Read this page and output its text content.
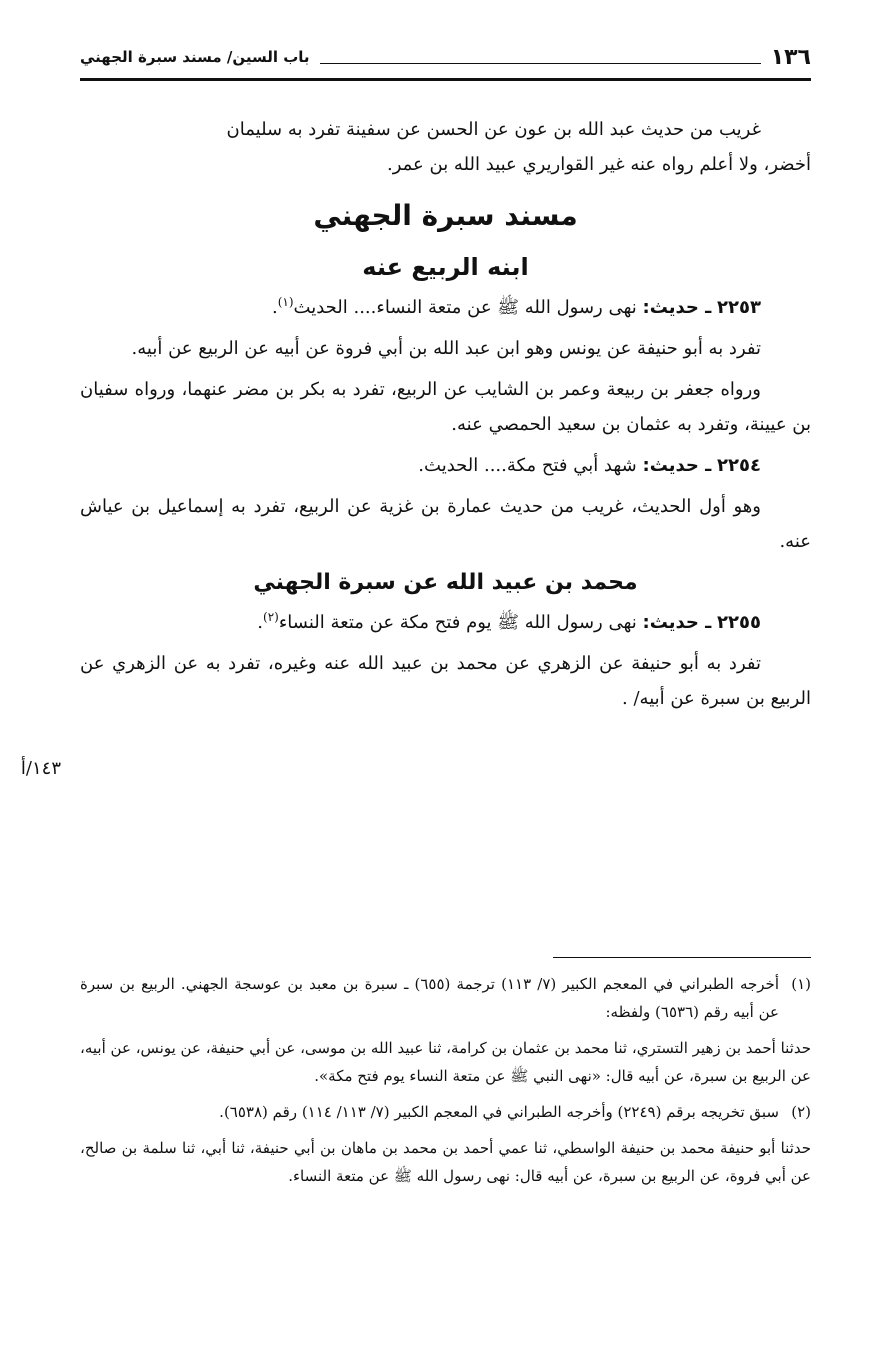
١٣٦
باب السين/ مسند سبرة الجهني

غريب من حديث عبد الله بن عون عن الحسن عن سفينة تفرد به سليمان

أخضر، ولا أعلم رواه عنه غير القواريري عبيد الله بن عمر.

مسند سبرة الجهني
ابنه الربيع عنه

٢٢٥٣ ـ حديث: نهى رسول الله ﷺ عن متعة النساء.... الحديث$^{(١)}$.

تفرد به أبو حنيفة عن يونس وهو ابن عبد الله بن أبي فروة عن أبيه عن الربيع عن أبيه.

ورواه جعفر بن ربيعة وعمر بن الشايب عن الربيع، تفرد به بكر بن مضر عنهما، ورواه سفيان بن عيينة، وتفرد به عثمان بن سعيد الحمصي عنه.

٢٢٥٤ ـ حديث: شهد أبي فتح مكة.... الحديث.

وهو أول الحديث، غريب من حديث عمارة بن غزية عن الربيع، تفرد به إسماعيل بن عياش عنه.

محمد بن عبيد الله عن سبرة الجهني

٢٢٥٥ ـ حديث: نهى رسول الله ﷺ يوم فتح مكة عن متعة النساء$^{(٢)}$.

تفرد به أبو حنيفة عن الزهري عن محمد بن عبيد الله عنه وغيره، تفرد به عن الزهري عن الربيع بن سبرة عن أبيه/ .

١٤٣/أ
(١)
أخرجه الطبراني في المعجم الكبير (٧/ ١١٣) ترجمة (٦٥٥) ـ سبرة بن معبد بن عوسجة الجهني. الربيع بن سبرة عن أبيه رقم (٦٥٣٦) ولفظه:

حدثنا أحمد بن زهير التستري، ثنا محمد بن عثمان بن كرامة، ثنا عبيد الله بن موسى، عن أبي حنيفة، عن يونس، عن أبيه، عن الربيع بن سبرة، عن أبيه قال: «نهى النبي ﷺ عن متعة النساء يوم فتح مكة».

(٢)
سبق تخريجه برقم (٢٢٤٩) وأخرجه الطبراني في المعجم الكبير (٧/ ١١٣/ ١١٤) رقم (٦٥٣٨).

حدثنا أبو حنيفة محمد بن حنيفة الواسطي، ثنا عمي أحمد بن محمد بن ماهان بن أبي حنيفة، ثنا أبي، ثنا سلمة بن صالح، عن أبي فروة، عن الربيع بن سبرة، عن أبيه قال: نهى رسول الله ﷺ عن متعة النساء.
